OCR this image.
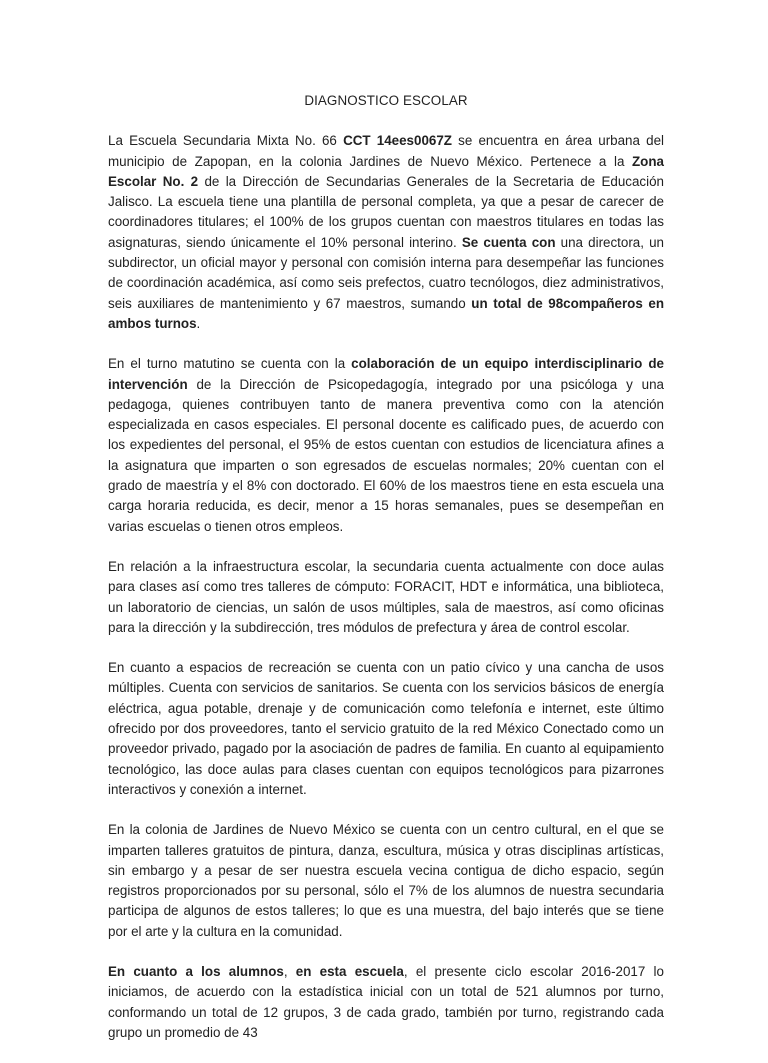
DIAGNOSTICO ESCOLAR

La Escuela Secundaria Mixta No. 66 CCT 14ees0067Z se encuentra en área urbana del municipio de Zapopan, en la colonia Jardines de Nuevo México. Pertenece a la Zona Escolar No. 2 de la Dirección de Secundarias Generales de la Secretaria de Educación Jalisco. La escuela tiene una plantilla de personal completa, ya que a pesar de carecer de coordinadores titulares; el 100% de los grupos cuentan con maestros titulares en todas las asignaturas, siendo únicamente el 10% personal interino. Se cuenta con una directora, un subdirector, un oficial mayor y personal con comisión interna para desempeñar las funciones de coordinación académica, así como seis prefectos, cuatro tecnólogos, diez administrativos, seis auxiliares de mantenimiento y 67 maestros, sumando un total de 98compañeros en ambos turnos.

En el turno matutino se cuenta con la colaboración de un equipo interdisciplinario de intervención de la Dirección de Psicopedagogía, integrado por una psicóloga y una pedagoga, quienes contribuyen tanto de manera preventiva como con la atención especializada en casos especiales. El personal docente es calificado pues, de acuerdo con los expedientes del personal, el 95% de estos cuentan con estudios de licenciatura afines a la asignatura que imparten o son egresados de escuelas normales; 20% cuentan con el grado de maestría y el 8% con doctorado. El 60% de los maestros tiene en esta escuela una carga horaria reducida, es decir, menor a 15 horas semanales, pues se desempeñan en varias escuelas o tienen otros empleos.

En relación a la infraestructura escolar, la secundaria cuenta actualmente con doce aulas para clases así como tres talleres de cómputo: FORACIT, HDT e informática, una biblioteca, un laboratorio de ciencias, un salón de usos múltiples, sala de maestros, así como oficinas para la dirección y la subdirección, tres módulos de prefectura y área de control escolar.

En cuanto a espacios de recreación se cuenta con un patio cívico y una cancha de usos múltiples. Cuenta con servicios de sanitarios. Se cuenta con los servicios básicos de energía eléctrica, agua potable, drenaje y de comunicación como telefonía e internet, este último ofrecido por dos proveedores, tanto el servicio gratuito de la red México Conectado como un proveedor privado, pagado por la asociación de padres de familia. En cuanto al equipamiento tecnológico, las doce aulas para clases cuentan con equipos tecnológicos para pizarrones interactivos y conexión a internet.

En la colonia de Jardines de Nuevo México se cuenta con un centro cultural, en el que se imparten talleres gratuitos de pintura, danza, escultura, música y otras disciplinas artísticas, sin embargo y a pesar de ser nuestra escuela vecina contigua de dicho espacio, según registros proporcionados por su personal, sólo el 7% de los alumnos de nuestra secundaria participa de algunos de estos talleres; lo que es una muestra, del bajo interés que se tiene por el arte y la cultura en la comunidad.

En cuanto a los alumnos, en esta escuela, el presente ciclo escolar 2016-2017 lo iniciamos, de acuerdo con la estadística inicial con un total de 521 alumnos por turno, conformando un total de 12 grupos, 3 de cada grado, también por turno, registrando cada grupo un promedio de 43
